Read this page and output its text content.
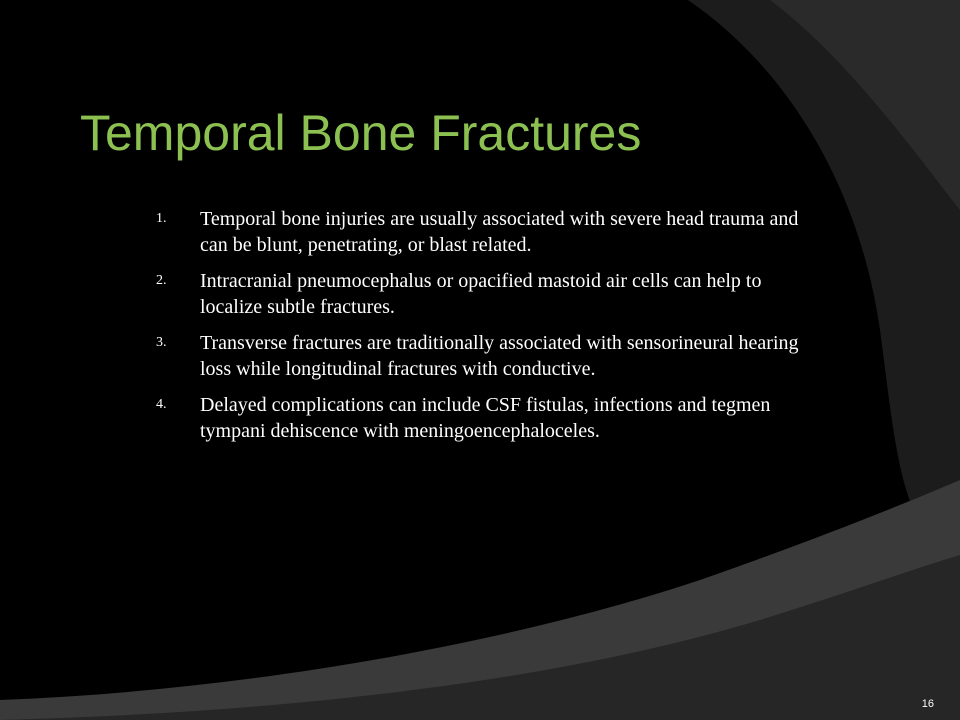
Temporal Bone Fractures
1. Temporal bone injuries are usually associated with severe head trauma and can be blunt, penetrating, or blast related.
2. Intracranial pneumocephalus or opacified mastoid air cells can help to localize subtle fractures.
3. Transverse fractures are traditionally associated with sensorineural hearing loss while longitudinal fractures with conductive.
4. Delayed complications can include CSF fistulas, infections and tegmen tympani dehiscence with meningoencephaloceles.
16
